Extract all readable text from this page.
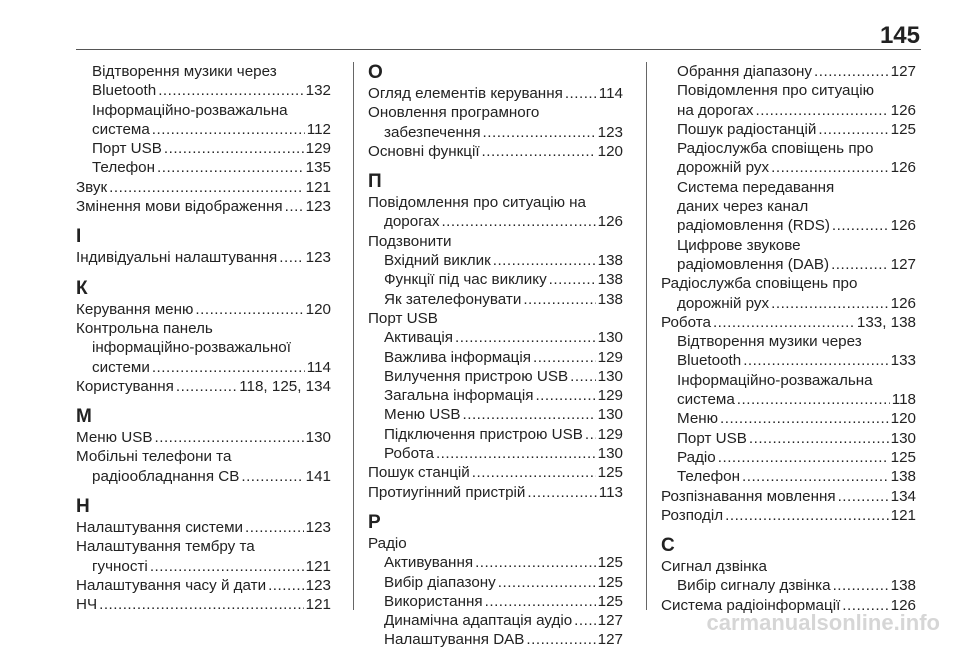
145
Відтворення музики через
Bluetooth .....	132
Інформаційно-розважальна
система .....	112
Порт USB .....	129
Телефон .....	135
Звук .....	121
Змінення мови відображення ..... 123
І
Індивідуальні налаштування ..... 123
К
Керування меню .....	120
Контрольна панель
інформаційно-розважальної
системи .....	114
Користування .....	118, 125, 134
М
Меню USB .....	130
Мобільні телефони та
радіообладнання СВ .....	141
Н
Налаштування системи .....	123
Налаштування тембру та
гучності .....	121
Налаштування часу й дати .....	123
НЧ .....	121
О
Огляд елементів керування ..... 114
Оновлення програмного
забезпечення .....	123
Основні функції .....	120
П
Повідомлення про ситуацію на
дорогах .....	126
Подзвонити
Вхідний виклик .....	138
Функції під час виклику .....	138
Як зателефонувати .....	138
Порт USB
Активація .....	130
Важлива інформація .....	129
Вилучення пристрою USB ..... 130
Загальна інформація .....	129
Меню USB .....	130
Підключення пристрою USB ..... 129
Робота .....	130
Пошук станцій .....	125
Протиугінний пристрій .....	113
Р
Радіо
Активування .....	125
Вибір діапазону .....	125
Використання .....	125
Динамічна адаптація аудіо ..... 127
Налаштування DAB .....	127
Обрання діапазону .....	127
Повідомлення про ситуацію
на дорогах .....	126
Пошук радіостанцій .....	125
Радіослужба сповіщень про
дорожній рух .....	126
Система передавання
даних через канал
радіомовлення (RDS) .....	126
Цифрове звукове
радіомовлення (DAB) .....	127
Радіослужба сповіщень про
дорожній рух .....	126
Робота .....	133, 138
Відтворення музики через
Bluetooth .....	133
Інформаційно-розважальна
система .....	118
Меню .....	120
Порт USB .....	130
Радіо .....	125
Телефон .....	138
Розпізнавання мовлення .....	134
Розподіл .....	121
С
Сигнал дзвінка
Вибір сигналу дзвінка .....	138
Система радіоінформації .....	126
carmanualsonline.info
